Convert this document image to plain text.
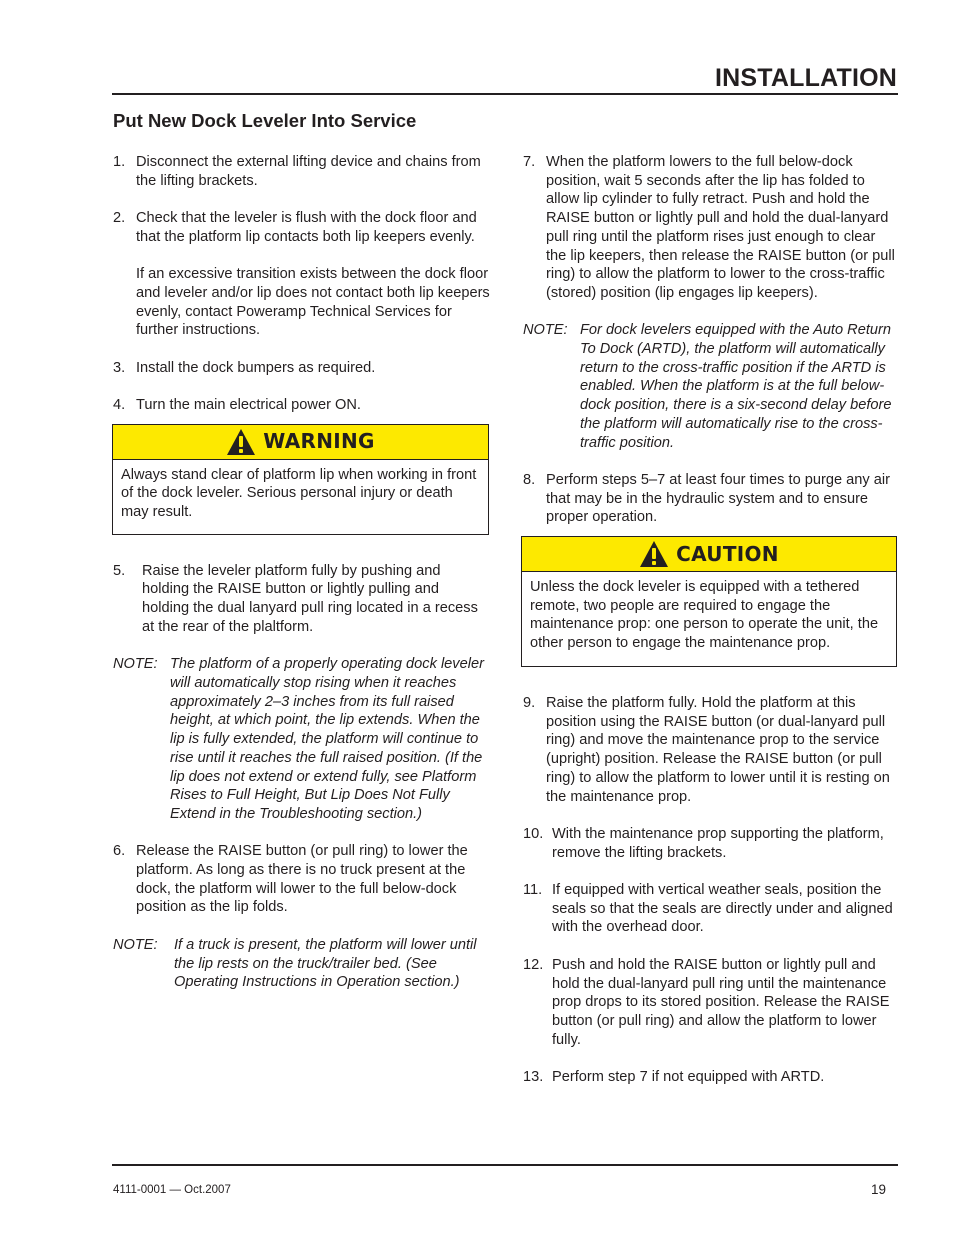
INSTALLATION
Put New Dock Leveler Into Service
1. Disconnect the external lifting device and chains from the lifting brackets.
2. Check that the leveler is flush with the dock floor and that the platform lip contacts both lip keepers evenly.
If an excessive transition exists between the dock floor and leveler and/or lip does not contact both lip keepers evenly, contact Poweramp Technical Services for further instructions.
3. Install the dock bumpers as required.
4. Turn the main electrical power ON.
WARNING
Always stand clear of platform lip when working in front of the dock leveler. Serious personal injury or death may result.
5.	Raise the leveler platform fully by pushing and holding the RAISE button or lightly pulling and holding the dual lanyard pull ring located in a recess at the rear of the plaltform.
NOTE: The platform of a properly operating dock leveler will automatically stop rising when it reaches approximately 2–3 inches from its full raised height, at which point, the lip extends. When the lip is fully extended, the platform will continue to rise until it reaches the full raised position. (If the lip does not extend or extend fully, see Platform Rises to Full Height, But Lip Does Not Fully Extend in the Troubleshooting section.)
6. Release the RAISE button (or pull ring) to lower the platform. As long as there is no truck present at the dock, the platform will lower to the full below-dock position as the lip folds.
NOTE:	If a truck is present, the platform will lower until the lip rests on the truck/trailer bed. (See Operating Instructions in Operation section.)
7. When the platform lowers to the full below-dock position, wait 5 seconds after the lip has folded to allow lip cylinder to fully retract. Push and hold the RAISE button or lightly pull and hold the dual-lanyard pull ring until the platform rises just enough to clear the lip keepers, then release the RAISE button (or pull ring) to allow the platform to lower to the cross-traffic (stored) position (lip engages lip keepers).
NOTE: For dock levelers equipped with the Auto Return To Dock (ARTD), the platform will automatically return to the cross-traffic position if the ARTD is enabled. When the platform is at the full below-dock position, there is a six-second delay before the platform will automatically rise to the cross-traffic position.
8. Perform steps 5–7 at least four times to purge any air that may be in the hydraulic system and to ensure proper operation.
CAUTION
Unless the dock leveler is equipped with a tethered remote, two people are required to engage the maintenance prop: one person to operate the unit, the other person to engage the maintenance prop.
9. Raise the platform fully. Hold the platform at this position using the RAISE button (or dual-lanyard pull ring) and move the maintenance prop to the service (upright) position. Release the RAISE button (or pull ring) to allow the platform to lower until it is resting on the maintenance prop.
10. With the maintenance prop supporting the platform, remove the lifting brackets.
11. If equipped with vertical weather seals, position the seals so that the seals are directly under and aligned with the overhead door.
12. Push and hold the RAISE button or lightly pull and hold the dual-lanyard pull ring until the maintenance prop drops to its stored position. Release the RAISE button (or pull ring) and allow the platform to lower fully.
13. Perform step 7 if not equipped with ARTD.
4111-0001 — Oct.2007	19
